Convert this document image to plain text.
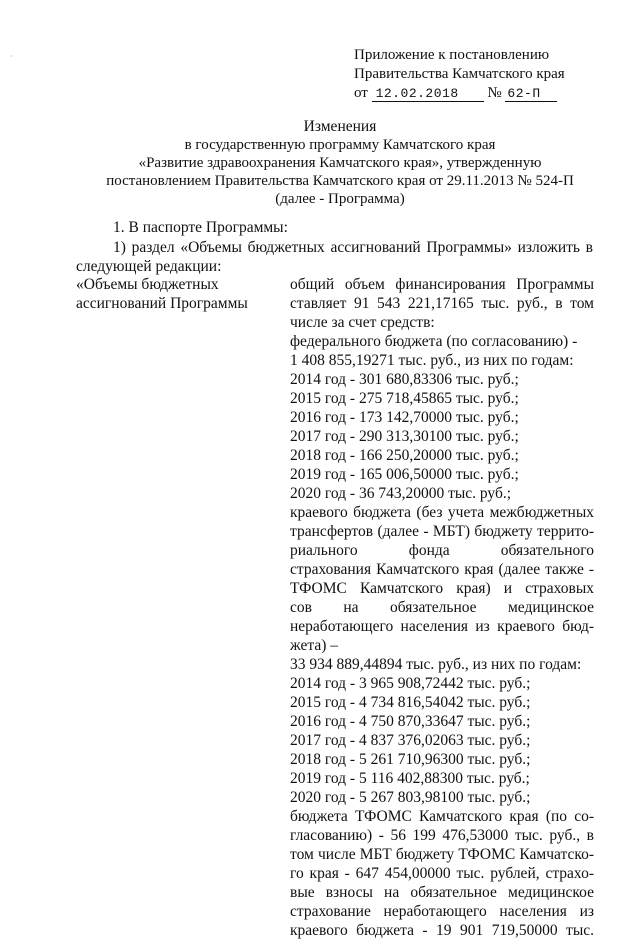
·	Приложение к постановлению
Правительства Камчатского края
от 12.02.2018 № 62-П
Изменения
в государственную программу Камчатского края
«Развитие здравоохранения Камчатского края», утвержденную
постановлением Правительства Камчатского края от 29.11.2013 № 524-П
(далее - Программа)
1. В паспорте Программы:
1) раздел «Объемы бюджетных ассигнований Программы» изложить в
следующей редакции:
«Объемы бюджетных
ассигнований Программы
общий объем финансирования Программы
ставляет 91 543 221,17165 тыс. руб., в том
числе за счет средств:
федерального бюджета (по согласованию) -
1 408 855,19271 тыс. руб., из них по годам:
2014 год - 301 680,83306 тыс. руб.;
2015 год - 275 718,45865 тыс. руб.;
2016 год - 173 142,70000 тыс. руб.;
2017 год - 290 313,30100 тыс. руб.;
2018 год - 166 250,20000 тыс. руб.;
2019 год - 165 006,50000 тыс. руб.;
2020 год - 36 743,20000 тыс. руб.;
краевого бюджета (без учета межбюджетных
трансфертов (далее - МБТ) бюджету террито-
риального фонда обязательного
страхования Камчатского края (далее также -
ТФОМС Камчатского края) и страховых
сов на обязательное медицинское
неработающего населения из краевого бюд-
жета) –
33 934 889,44894 тыс. руб., из них по годам:
2014 год - 3 965 908,72442 тыс. руб.;
2015 год - 4 734 816,54042 тыс. руб.;
2016 год - 4 750 870,33647 тыс. руб.;
2017 год - 4 837 376,02063 тыс. руб.;
2018 год - 5 261 710,96300 тыс. руб.;
2019 год - 5 116 402,88300 тыс. руб.;
2020 год - 5 267 803,98100 тыс. руб.;
бюджета ТФОМС Камчатского края (по со-
гласованию) - 56 199 476,53000 тыс. руб., в
том числе МБТ бюджету ТФОМС Камчатско-
го края - 647 454,00000 тыс. рублей, страхо-
вые взносы на обязательное медицинское
страхование неработающего населения из
краевого бюджета - 19 901 719,50000 тыс.
